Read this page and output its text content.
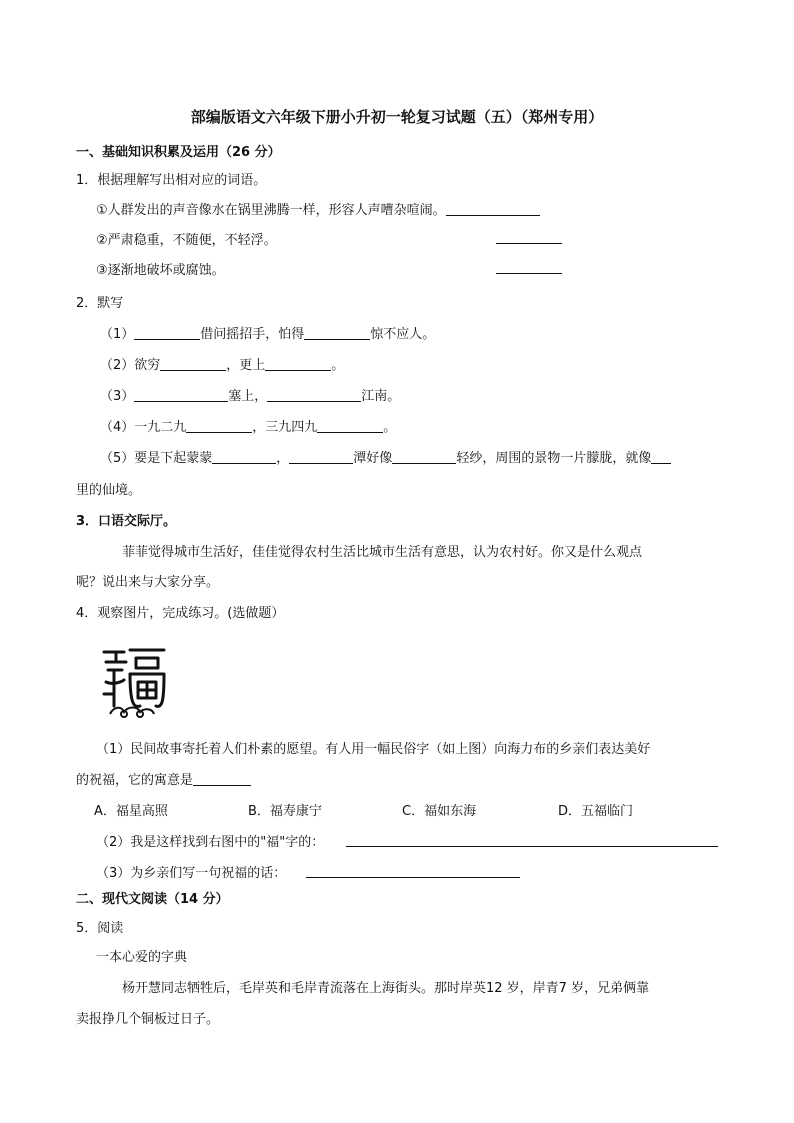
部编版语文六年级下册小升初一轮复习试题（五）（郑州专用）
一、基础知识积累及运用（26 分）
1．根据理解写出相对应的词语。
①人群发出的声音像水在锅里沸腾一样，形容人声嘈杂喧闹。
②严肃稳重，不随便，不轻浮。
③逐渐地破坏或腐蚀。
2．默写
（1）	借问摇招手，怕得	惊不应人。
（2）欲穷	，更上	。
（3）	塞上，	江南。
（4）一九二九	，三九四九	。
（5）要是下起蒙蒙	，	潭好像	轻纱，周围的景物一片朦胧，就像
里的仙境。
3．口语交际厅。
菲菲觉得城市生活好，佳佳觉得农村生活比城市生活有意思，认为农村好。你又是什么观点
呢？说出来与大家分享。
4．观察图片，完成练习。(选做题）
（1）民间故事寄托着人们朴素的愿望。有人用一幅民俗字（如上图）向海力布的乡亲们表达美好
的祝福，它的寓意是
A．福星高照	B．福寿康宁	C．福如东海	D．五福临门
（2）我是这样找到右图中的"福"字的：
（3）为乡亲们写一句祝福的话：
二、现代文阅读（14 分）
5．阅读
一本心爱的字典
杨开慧同志牺牲后，毛岸英和毛岸青流落在上海街头。那时岸英12 岁，岸青7 岁，兄弟俩靠
卖报挣几个铜板过日子。
